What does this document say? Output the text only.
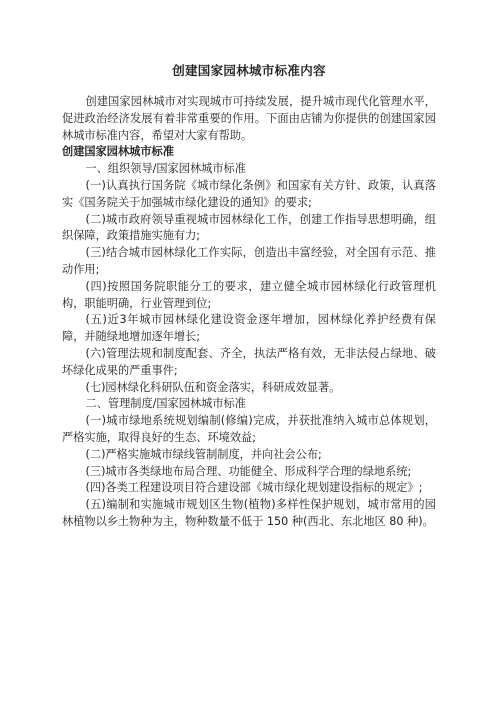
创建国家园林城市标准内容

创建国家园林城市对实现城市可持续发展，提升城市现代化管理水平，促进政治经济发展有着非常重要的作用。下面由店铺为你提供的创建国家园林城市标准内容，希望对大家有帮助。

创建国家园林城市标准

一、组织领导/国家园林城市标准

(一)认真执行国务院《城市绿化条例》和国家有关方针、政策，认真落实《国务院关于加强城市绿化建设的通知》的要求;

(二)城市政府领导重视城市园林绿化工作，创建工作指导思想明确，组织保障，政策措施实施有力;

(三)结合城市园林绿化工作实际，创造出丰富经验，对全国有示范、推动作用;

(四)按照国务院职能分工的要求，建立健全城市园林绿化行政管理机构，职能明确，行业管理到位;

(五)近3年城市园林绿化建设资金逐年增加，园林绿化养护经费有保障，并随绿地增加逐年增长;

(六)管理法规和制度配套、齐全，执法严格有效，无非法侵占绿地、破坏绿化成果的严重事件;

(七)园林绿化科研队伍和资金落实，科研成效显著。

二、管理制度/国家园林城市标准

(一)城市绿地系统规划编制(修编)完成，并获批准纳入城市总体规划，严格实施，取得良好的生态、环境效益;

(二)严格实施城市绿线管制制度，并向社会公布;

(三)城市各类绿地布局合理、功能健全、形成科学合理的绿地系统;

(四)各类工程建设项目符合建设部《城市绿化规划建设指标的规定》;

(五)编制和实施城市规划区生物(植物)多样性保护规划，城市常用的园林植物以乡土物种为主，物种数量不低于 150 种(西北、东北地区 80 种)。
